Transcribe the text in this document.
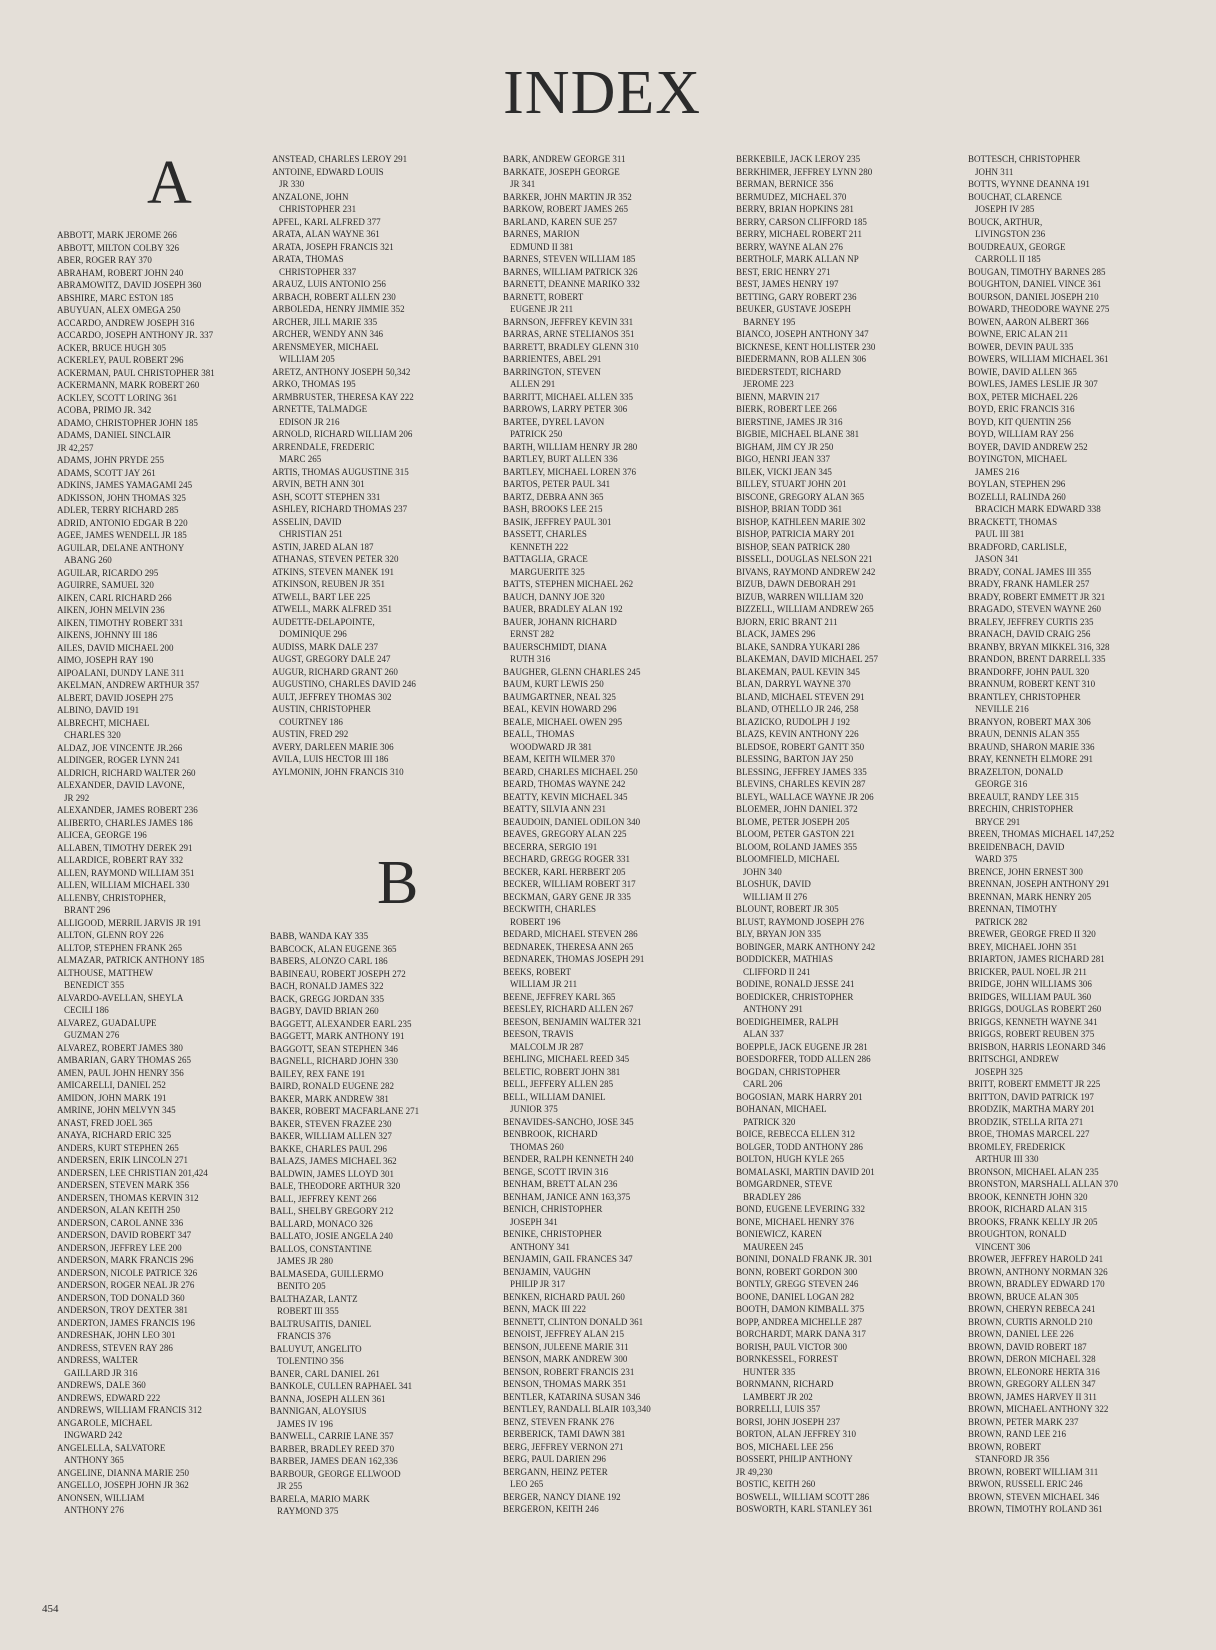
INDEX
A
B
ABBOTT, MARK JEROME 266
ABBOTT, MILTON COLBY 326
ABER, ROGER RAY 370
ABRAHAM, ROBERT JOHN 240
ABRAMOWITZ, DAVID JOSEPH 360
ABSHIRE, MARC ESTON 185
ABUYUAN, ALEX OMEGA 250
ACCARDO, ANDREW JOSEPH 316
ACCARDO, JOSEPH ANTHONY JR. 337
ACKER, BRUCE HUGH 305
ACKERLEY, PAUL ROBERT 296
ACKERMAN, PAUL CHRISTOPHER 381
ACKERMANN, MARK ROBERT 260
ACKLEY, SCOTT LORING 361
ACOBA, PRIMO JR. 342
ADAMO, CHRISTOPHER JOHN 185
ADAMS, DANIEL SINCLAIR
JR 42,257
ADAMS, JOHN PRYDE 255
ADAMS, SCOTT JAY 261
ADKINS, JAMES YAMAGAMI 245
ADKISSON, JOHN THOMAS 325
ADLER, TERRY RICHARD 285
ADRID, ANTONIO EDGAR B 220
AGEE, JAMES WENDELL JR 185
AGUILAR, DELANE ANTHONY
ABANG 260
AGUILAR, RICARDO 295
AGUIRRE, SAMUEL 320
AIKEN, CARL RICHARD 266
AIKEN, JOHN MELVIN 236
AIKEN, TIMOTHY ROBERT 331
AIKENS, JOHNNY III 186
AILES, DAVID MICHAEL 200
AIMO, JOSEPH RAY 190
AIPOALANI, DUNDY LANE 311
AKELMAN, ANDREW ARTHUR 357
ALBERT, DAVID JOSEPH 275
ALBINO, DAVID 191
ALBRECHT, MICHAEL
CHARLES 320
ALDAZ, JOE VINCENTE JR.266
ALDINGER, ROGER LYNN 241
ALDRICH, RICHARD WALTER 260
ALEXANDER, DAVID LAVONE,
JR 292
ALEXANDER, JAMES ROBERT 236
ALIBERTO, CHARLES JAMES 186
ALICEA, GEORGE 196
ALLABEN, TIMOTHY DEREK 291
ALLARDICE, ROBERT RAY 332
ALLEN, RAYMOND WILLIAM 351
ALLEN, WILLIAM MICHAEL 330
ALLENBY, CHRISTOPHER,
BRANT 296
ALLIGOOD, MERRIL JARVIS JR 191
ALLTON, GLENN ROY 226
ALLTOP, STEPHEN FRANK 265
ALMAZAR, PATRICK ANTHONY 185
ALTHOUSE, MATTHEW
BENEDICT 355
ALVARDO-AVELLAN, SHEYLA
CECILI 186
ALVAREZ, GUADALUPE
GUZMAN 276
ALVAREZ, ROBERT JAMES 380
AMBARIAN, GARY THOMAS 265
AMEN, PAUL JOHN HENRY 356
AMICARELLI, DANIEL 252
AMIDON, JOHN MARK 191
AMRINE, JOHN MELVYN 345
ANAST, FRED JOEL 365
ANAYA, RICHARD ERIC 325
ANDERS, KURT STEPHEN 265
ANDERSEN, ERIK LINCOLN 271
ANDERSEN, LEE CHRISTIAN 201,424
ANDERSEN, STEVEN MARK 356
ANDERSEN, THOMAS KERVIN 312
ANDERSON, ALAN KEITH 250
ANDERSON, CAROL ANNE 336
ANDERSON, DAVID ROBERT 347
ANDERSON, JEFFREY LEE 200
ANDERSON, MARK FRANCIS 296
ANDERSON, NICOLE PATRICE 326
ANDERSON, ROGER NEAL JR 276
ANDERSON, TOD DONALD 360
ANDERSON, TROY DEXTER 381
ANDERTON, JAMES FRANCIS 196
ANDRESHAK, JOHN LEO 301
ANDRESS, STEVEN RAY 286
ANDRESS, WALTER
GAILLARD JR 316
ANDREWS, DALE 360
ANDREWS, EDWARD 222
ANDREWS, WILLIAM FRANCIS 312
ANGAROLE, MICHAEL
INGWARD 242
ANGELELLA, SALVATORE
ANTHONY 365
ANGELINE, DIANNA MARIE 250
ANGELLO, JOSEPH JOHN JR 362
ANONSEN, WILLIAM
ANTHONY 276
ANSTEAD, CHARLES LEROY 291
ANTOINE, EDWARD LOUIS
JR 330
ANZALONE, JOHN
CHRISTOPHER 231
APFEL, KARL ALFRED 377
ARATA, ALAN WAYNE 361
ARATA, JOSEPH FRANCIS 321
ARATA, THOMAS
CHRISTOPHER 337
ARAUZ, LUIS ANTONIO 256
ARBACH, ROBERT ALLEN 230
ARBOLEDA, HENRY JIMMIE 352
ARCHER, JILL MARIE 335
ARCHER, WENDY ANN 346
ARENSMEYER, MICHAEL
WILLIAM 205
ARETZ, ANTHONY JOSEPH 50,342
ARKO, THOMAS 195
ARMBRUSTER, THERESA KAY 222
ARNETTE, TALMADGE
EDISON JR 216
ARNOLD, RICHARD WILLIAM 206
ARRENDALE, FREDERIC
MARC 265
ARTIS, THOMAS AUGUSTINE 315
ARVIN, BETH ANN 301
ASH, SCOTT STEPHEN 331
ASHLEY, RICHARD THOMAS 237
ASSELIN, DAVID
CHRISTIAN 251
ASTIN, JARED ALAN 187
ATHANAS, STEVEN PETER 320
ATKINS, STEVEN MANEK 191
ATKINSON, REUBEN JR 351
ATWELL, BART LEE 225
ATWELL, MARK ALFRED 351
AUDETTE-DELAPOINTE,
DOMINIQUE 296
AUDISS, MARK DALE 237
AUGST, GREGORY DALE 247
AUGUR, RICHARD GRANT 260
AUGUSTINO, CHARLES DAVID 246
AULT, JEFFREY THOMAS 302
AUSTIN, CHRISTOPHER
COURTNEY 186
AUSTIN, FRED 292
AVERY, DARLEEN MARIE 306
AVILA, LUIS HECTOR III 186
AYLMONIN, JOHN FRANCIS 310
BABB, WANDA KAY 335
BABCOCK, ALAN EUGENE 365
BABERS, ALONZO CARL 186
BABINEAU, ROBERT JOSEPH 272
BACH, RONALD JAMES 322
BACK, GREGG JORDAN 335
BAGBY, DAVID BRIAN 260
BAGGETT, ALEXANDER EARL 235
BAGGETT, MARK ANTHONY 191
BAGGOTT, SEAN STEPHEN 346
BAGNELL, RICHARD JOHN 330
BAILEY, REX FANE 191
BAIRD, RONALD EUGENE 282
BAKER, MARK ANDREW 381
BAKER, ROBERT MACFARLANE 271
BAKER, STEVEN FRAZEE 230
BAKER, WILLIAM ALLEN 327
BAKKE, CHARLES PAUL 296
BALAZS, JAMES MICHAEL 362
BALDWIN, JAMES LLOYD 301
BALE, THEODORE ARTHUR 320
BALL, JEFFREY KENT 266
BALL, SHELBY GREGORY 212
BALLARD, MONACO 326
BALLATO, JOSIE ANGELA 240
BALLOS, CONSTANTINE
JAMES JR 280
BALMASEDA, GUILLERMO
BENITO 205
BALTHAZAR, LANTZ
ROBERT III 355
BALTRUSAITIS, DANIEL
FRANCIS 376
BALUYUT, ANGELITO
TOLENTINO 356
BANER, CARL DANIEL 261
BANKOLE, CULLEN RAPHAEL 341
BANNA, JOSEPH ALLEN 361
BANNIGAN, ALOYSIUS
JAMES IV 196
BANWELL, CARRIE LANE 357
BARBER, BRADLEY REED 370
BARBER, JAMES DEAN 162,336
BARBOUR, GEORGE ELLWOOD
JR 255
BARELA, MARIO MARK
RAYMOND 375
BARK, ANDREW GEORGE 311
BARKATE, JOSEPH GEORGE
JR 341
BARKER, JOHN MARTIN JR 352
BARKOW, ROBERT JAMES 265
BARLAND, KAREN SUE 257
BARNES, MARION
EDMUND II 381
BARNES, STEVEN WILLIAM 185
BARNES, WILLIAM PATRICK 326
BARNETT, DEANNE MARIKO 332
BARNETT, ROBERT
EUGENE JR 211
BARNSON, JEFFREY KEVIN 331
BARRAS, ARNE STELIANOS 351
BARRETT, BRADLEY GLENN 310
BARRIENTES, ABEL 291
BARRINGTON, STEVEN
ALLEN 291
BARRITT, MICHAEL ALLEN 335
BARROWS, LARRY PETER 306
BARTEE, DYREL LAVON
PATRICK 250
BARTH, WILLIAM HENRY JR 280
BARTLEY, BURT ALLEN 336
BARTLEY, MICHAEL LOREN 376
BARTOS, PETER PAUL 341
BARTZ, DEBRA ANN 365
BASH, BROOKS LEE 215
BASIK, JEFFREY PAUL 301
BASSETT, CHARLES
KENNETH 222
BATTAGLIA, GRACE
MARGUERITE 325
BATTS, STEPHEN MICHAEL 262
BAUCH, DANNY JOE 320
BAUER, BRADLEY ALAN 192
BAUER, JOHANN RICHARD
ERNST 282
BAUERSCHMIDT, DIANA
RUTH 316
BAUGHER, GLENN CHARLES 245
BAUM, KURT LEWIS 250
BAUMGARTNER, NEAL 325
BEAL, KEVIN HOWARD 296
BEALE, MICHAEL OWEN 295
BEALL, THOMAS
WOODWARD JR 381
BEAM, KEITH WILMER 370
BEARD, CHARLES MICHAEL 250
BEARD, THOMAS WAYNE 242
BEATTY, KEVIN MICHAEL 345
BEATTY, SILVIA ANN 231
BEAUDOIN, DANIEL ODILON 340
BEAVES, GREGORY ALAN 225
BECERRA, SERGIO 191
BECHARD, GREGG ROGER 331
BECKER, KARL HERBERT 205
BECKER, WILLIAM ROBERT 317
BECKMAN, GARY GENE JR 335
BECKWITH, CHARLES
ROBERT 196
BEDARD, MICHAEL STEVEN 286
BEDNAREK, THERESA ANN 265
BEDNAREK, THOMAS JOSEPH 291
BEEKS, ROBERT
WILLIAM JR 211
BEENE, JEFFREY KARL 365
BEESLEY, RICHARD ALLEN 267
BEESON, BENJAMIN WALTER 321
BEESON, TRAVIS
MALCOLM JR 287
BEHLING, MICHAEL REED 345
BELETIC, ROBERT JOHN 381
BELL, JEFFERY ALLEN 285
BELL, WILLIAM DANIEL
JUNIOR 375
BENAVIDES-SANCHO, JOSE 345
BENBROOK, RICHARD
THOMAS 260
BENDER, RALPH KENNETH 240
BENGE, SCOTT IRVIN 316
BENHAM, BRETT ALAN 236
BENHAM, JANICE ANN 163,375
BENICH, CHRISTOPHER
JOSEPH 341
BENIKE, CHRISTOPHER
ANTHONY 341
BENJAMIN, GAIL FRANCES 347
BENJAMIN, VAUGHN
PHILIP JR 317
BENKEN, RICHARD PAUL 260
BENN, MACK III 222
BENNETT, CLINTON DONALD 361
BENOIST, JEFFREY ALAN 215
BENSON, JULEENE MARIE 311
BENSON, MARK ANDREW 300
BENSON, ROBERT FRANCIS 231
BENSON, THOMAS MARK 351
BENTLER, KATARINA SUSAN 346
BENTLEY, RANDALL BLAIR 103,340
BENZ, STEVEN FRANK 276
BERBERICK, TAMI DAWN 381
BERG, JEFFREY VERNON 271
BERG, PAUL DARIEN 296
BERGANN, HEINZ PETER
LEO 265
BERGER, NANCY DIANE 192
BERGERON, KEITH 246
BERKEBILE, JACK LEROY 235
BERKHIMER, JEFFREY LYNN 280
BERMAN, BERNICE 356
BERMUDEZ, MICHAEL 370
BERRY, BRIAN HOPKINS 281
BERRY, CARSON CLIFFORD 185
BERRY, MICHAEL ROBERT 211
BERRY, WAYNE ALAN 276
BERTHOLF, MARK ALLAN NP
BEST, ERIC HENRY 271
BEST, JAMES HENRY 197
BETTING, GARY ROBERT 236
BEUKER, GUSTAVE JOSEPH
BARNEY 195
BIANCO, JOSEPH ANTHONY 347
BICKNESE, KENT HOLLISTER 230
BIEDERMANN, ROB ALLEN 306
BIEDERSTEDT, RICHARD
JEROME 223
BIENN, MARVIN 217
BIERK, ROBERT LEE 266
BIERSTINE, JAMES JR 316
BIGBIE, MICHAEL BLANE 381
BIGHAM, JIM CY JR 250
BIGO, HENRI JEAN 337
BILEK, VICKI JEAN 345
BILLEY, STUART JOHN 201
BISCONE, GREGORY ALAN 365
BISHOP, BRIAN TODD 361
BISHOP, KATHLEEN MARIE 302
BISHOP, PATRICIA MARY 201
BISHOP, SEAN PATRICK 280
BISSELL, DOUGLAS NELSON 221
BIVANS, RAYMOND ANDREW 242
BIZUB, DAWN DEBORAH 291
BIZUB, WARREN WILLIAM 320
BIZZELL, WILLIAM ANDREW 265
BJORN, ERIC BRANT 211
BLACK, JAMES 296
BLAKE, SANDRA YUKARI 286
BLAKEMAN, DAVID MICHAEL 257
BLAKEMAN, PAUL KEVIN 345
BLAN, DARRYL WAYNE 370
BLAND, MICHAEL STEVEN 291
BLAND, OTHELLO JR 246, 258
BLAZICKO, RUDOLPH J 192
BLAZS, KEVIN ANTHONY 226
BLEDSOE, ROBERT GANTT 350
BLESSING, BARTON JAY 250
BLESSING, JEFFREY JAMES 335
BLEVINS, CHARLES KEVIN 287
BLEYL, WALLACE WAYNE JR 206
BLOEMER, JOHN DANIEL 372
BLOME, PETER JOSEPH 205
BLOOM, PETER GASTON 221
BLOOM, ROLAND JAMES 355
BLOOMFIELD, MICHAEL
JOHN 340
BLOSHUK, DAVID
WILLIAM II 276
BLOUNT, ROBERT JR 305
BLUST, RAYMOND JOSEPH 276
BLY, BRYAN JON 335
BOBINGER, MARK ANTHONY 242
BODDICKER, MATHIAS
CLIFFORD II 241
BODINE, RONALD JESSE 241
BOEDICKER, CHRISTOPHER
ANTHONY 291
BOEDIGHEIMER, RALPH
ALAN 337
BOEPPLE, JACK EUGENE JR 281
BOESDORFER, TODD ALLEN 286
BOGDAN, CHRISTOPHER
CARL 206
BOGOSIAN, MARK HARRY 201
BOHANAN, MICHAEL
PATRICK 320
BOICE, REBECCA ELLEN 312
BOLGER, TODD ANTHONY 286
BOLTON, HUGH KYLE 265
BOMALASKI, MARTIN DAVID 201
BOMGARDNER, STEVE
BRADLEY 286
BOND, EUGENE LEVERING 332
BONE, MICHAEL HENRY 376
BONIEWICZ, KAREN
MAUREEN 245
BONINI, DONALD FRANK JR. 301
BONN, ROBERT GORDON 300
BONTLY, GREGG STEVEN 246
BOONE, DANIEL LOGAN 282
BOOTH, DAMON KIMBALL 375
BOPP, ANDREA MICHELLE 287
BORCHARDT, MARK DANA 317
BORISH, PAUL VICTOR 300
BORNKESSEL, FORREST
HUNTER 335
BORNMANN, RICHARD
LAMBERT JR 202
BORRELLI, LUIS 357
BORSI, JOHN JOSEPH 237
BORTON, ALAN JEFFREY 310
BOS, MICHAEL LEE 256
BOSSERT, PHILIP ANTHONY
JR 49,230
BOSTIC, KEITH 260
BOSWELL, WILLIAM SCOTT 286
BOSWORTH, KARL STANLEY 361
BOTTESCH, CHRISTOPHER
JOHN 311
BOTTS, WYNNE DEANNA 191
BOUCHAT, CLARENCE
JOSEPH IV 285
BOUCK, ARTHUR,
LIVINGSTON 236
BOUDREAUX, GEORGE
CARROLL II 185
BOUGAN, TIMOTHY BARNES 285
BOUGHTON, DANIEL VINCE 361
BOURSON, DANIEL JOSEPH 210
BOWARD, THEODORE WAYNE 275
BOWEN, AARON ALBERT 366
BOWNE, ERIC ALAN 211
BOWER, DEVIN PAUL 335
BOWERS, WILLIAM MICHAEL 361
BOWIE, DAVID ALLEN 365
BOWLES, JAMES LESLIE JR 307
BOX, PETER MICHAEL 226
BOYD, ERIC FRANCIS 316
BOYD, KIT QUENTIN 256
BOYD, WILLIAM RAY 256
BOYER, DAVID ANDREW 252
BOYINGTON, MICHAEL
JAMES 216
BOYLAN, STEPHEN 296
BOZELLI, RALINDA 260
BRACICH MARK EDWARD 338
BRACKETT, THOMAS
PAUL III 381
BRADFORD, CARLISLE,
JASON 341
BRADY, CONAL JAMES III 355
BRADY, FRANK HAMLER 257
BRADY, ROBERT EMMETT JR 321
BRAGADO, STEVEN WAYNE 260
BRALEY, JEFFREY CURTIS 235
BRANACH, DAVID CRAIG 256
BRANBY, BRYAN MIKKEL 316, 328
BRANDON, BRENT DARRELL 335
BRANDORFF, JOHN PAUL 320
BRANNUM, ROBERT KENT 310
BRANTLEY, CHRISTOPHER
NEVILLE 216
BRANYON, ROBERT MAX 306
BRAUN, DENNIS ALAN 355
BRAUND, SHARON MARIE 336
BRAY, KENNETH ELMORE 291
BRAZELTON, DONALD
GEORGE 316
BREAULT, RANDY LEE 315
BRECHIN, CHRISTOPHER
BRYCE 291
BREEN, THOMAS MICHAEL 147,252
BREIDENBACH, DAVID
WARD 375
BRENCE, JOHN ERNEST 300
BRENNAN, JOSEPH ANTHONY 291
BRENNAN, MARK HENRY 205
BRENNAN, TIMOTHY
PATRICK 282
BREWER, GEORGE FRED II 320
BREY, MICHAEL JOHN 351
BRIARTON, JAMES RICHARD 281
BRICKER, PAUL NOEL JR 211
BRIDGE, JOHN WILLIAMS 306
BRIDGES, WILLIAM PAUL 360
BRIGGS, DOUGLAS ROBERT 260
BRIGGS, KENNETH WAYNE 341
BRIGGS, ROBERT REUBEN 375
BRISBON, HARRIS LEONARD 346
BRITSCHGI, ANDREW
JOSEPH 325
BRITT, ROBERT EMMETT JR 225
BRITTON, DAVID PATRICK 197
BRODZIK, MARTHA MARY 201
BRODZIK, STELLA RITA 271
BROE, THOMAS MARCEL 227
BROMLEY, FREDERICK
ARTHUR III 330
BRONSON, MICHAEL ALAN 235
BRONSTON, MARSHALL ALLAN 370
BROOK, KENNETH JOHN 320
BROOK, RICHARD ALAN 315
BROOKS, FRANK KELLY JR 205
BROUGHTON, RONALD
VINCENT 306
BROWER, JEFFREY HAROLD 241
BROWN, ANTHONY NORMAN 326
BROWN, BRADLEY EDWARD 170
BROWN, BRUCE ALAN 305
BROWN, CHERYN REBECA 241
BROWN, CURTIS ARNOLD 210
BROWN, DANIEL LEE 226
BROWN, DAVID ROBERT 187
BROWN, DERON MICHAEL 328
BROWN, ELEONORE HERTA 316
BROWN, GREGORY ALLEN 347
BROWN, JAMES HARVEY II 311
BROWN, MICHAEL ANTHONY 322
BROWN, PETER MARK 237
BROWN, RAND LEE 216
BROWN, ROBERT
STANFORD JR 356
BROWN, ROBERT WILLIAM 311
BRWON, RUSSELL ERIC 246
BROWN, STEVEN MICHAEL 346
BROWN, TIMOTHY ROLAND 361
454
